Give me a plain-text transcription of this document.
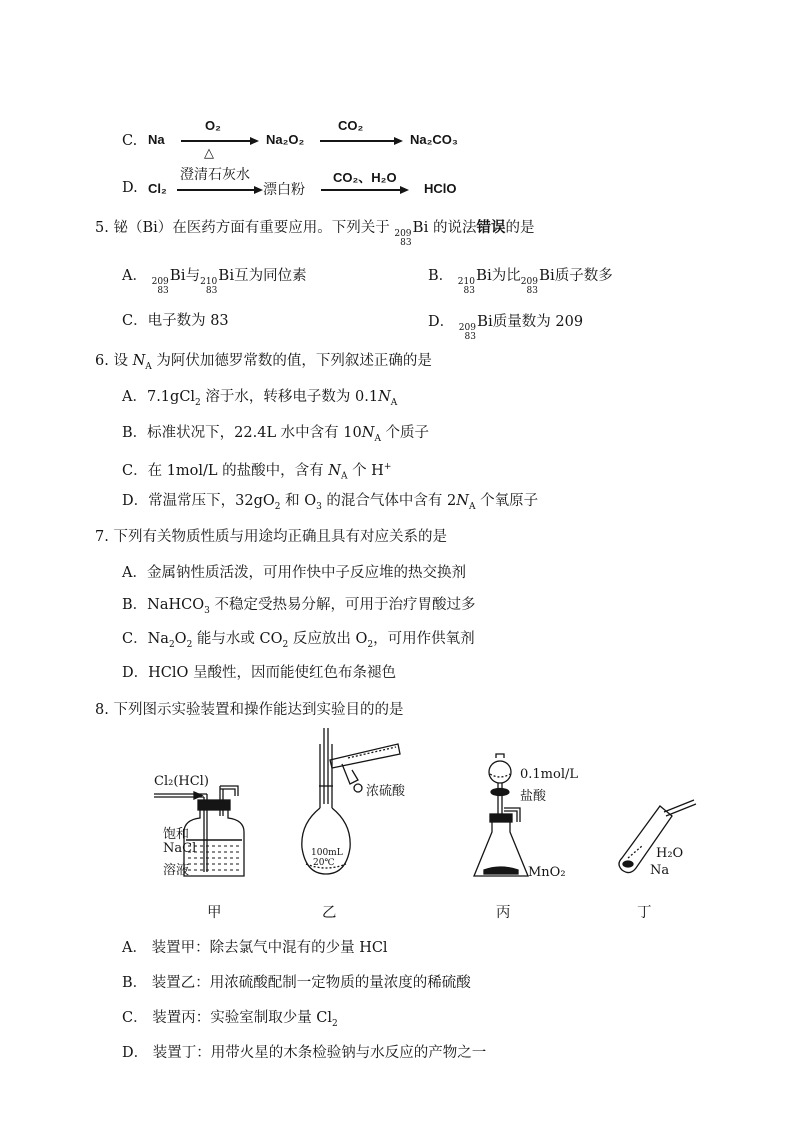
C. Na
O₂
△
Na₂O₂
CO₂
Na₂CO₃
D. Cl₂
澄清石灰水
漂白粉
CO₂、H₂O
HClO
5. 铋（Bi）在医药方面有重要应用。下列关于 209
83
Bi 的说法错误的是
A． 209
83
Bi与 210
83
Bi互为同位素	B． 210
83
Bi为比 209
83
Bi质子数多
C．电子数为 83	D． 209
83
Bi质量数为 209
6. 设 $N_A$ 为阿伏加德罗常数的值，下列叙述正确的是
A．7.1gCl$_2$ 溶于水，转移电子数为 $0.1N_A$
B．标准状况下，22.4L 水中含有 $10N_A$ 个质子
C．在 1mol/L 的盐酸中，含有 $N_A$ 个 H+
D．常温常压下，$32gO_2$ 和 $O_3$ 的混合气体中含有 $2N_A$ 个氧原子
7. 下列有关物质性质与用途均正确且具有对应关系的是
A．金属钠性质活泼，可用作快中子反应堆的热交换剂
B．NaHCO$_3$ 不稳定受热易分解，可用于治疗胃酸过多
C．$Na_2O_2$ 能与水或 $CO_2$ 反应放出 $O_2$，可用作供氧剂
D．HClO 呈酸性，因而能使红色布条褪色
8. 下列图示实验装置和操作能达到实验目的的是
Cl₂(HCl)
饱和
NaCl
溶液
甲
浓硫酸
100mL
20℃
乙
0.1mol/L
盐酸
MnO₂
丙
H₂O
Na
丁
A． 装置甲：除去氯气中混有的少量 HCl
B． 装置乙：用浓硫酸配制一定物质的量浓度的稀硫酸
C． 装置丙：实验室制取少量 $Cl_2$
D． 装置丁：用带火星的木条检验钠与水反应的产物之一
